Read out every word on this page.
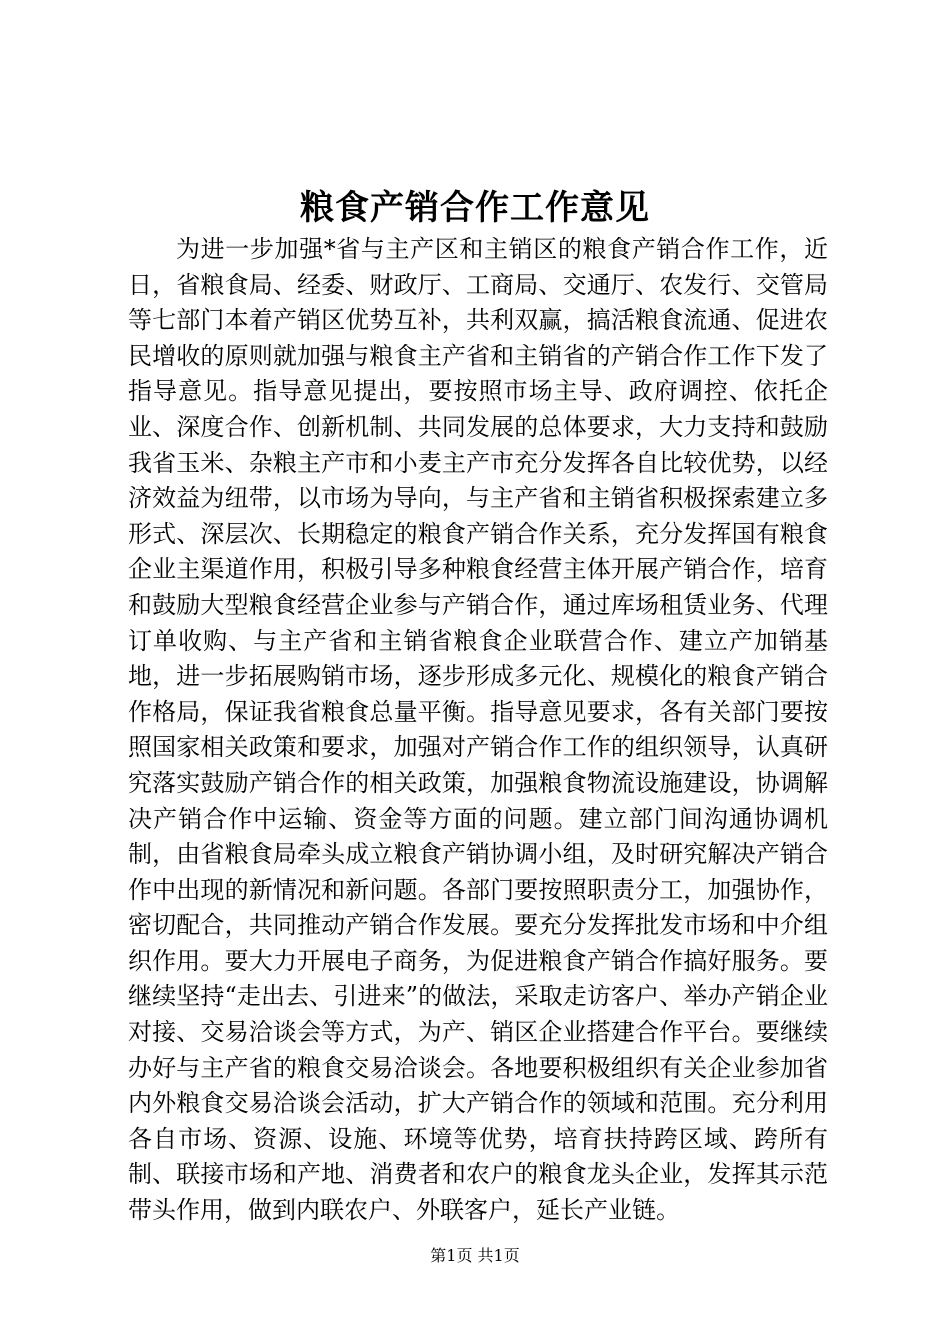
粮食产销合作工作意见

为进一步加强*省与主产区和主销区的粮食产销合作工作，近日，省粮食局、经委、财政厅、工商局、交通厅、农发行、交管局等七部门本着产销区优势互补，共利双赢，搞活粮食流通、促进农民增收的原则就加强与粮食主产省和主销省的产销合作工作下发了指导意见。指导意见提出，要按照市场主导、政府调控、依托企业、深度合作、创新机制、共同发展的总体要求，大力支持和鼓励我省玉米、杂粮主产市和小麦主产市充分发挥各自比较优势，以经济效益为纽带，以市场为导向，与主产省和主销省积极探索建立多形式、深层次、长期稳定的粮食产销合作关系，充分发挥国有粮食企业主渠道作用，积极引导多种粮食经营主体开展产销合作，培育和鼓励大型粮食经营企业参与产销合作，通过库场租赁业务、代理订单收购、与主产省和主销省粮食企业联营合作、建立产加销基地，进一步拓展购销市场，逐步形成多元化、规模化的粮食产销合作格局，保证我省粮食总量平衡。指导意见要求，各有关部门要按照国家相关政策和要求，加强对产销合作工作的组织领导，认真研究落实鼓励产销合作的相关政策，加强粮食物流设施建设，协调解决产销合作中运输、资金等方面的问题。建立部门间沟通协调机制，由省粮食局牵头成立粮食产销协调小组，及时研究解决产销合作中出现的新情况和新问题。各部门要按照职责分工，加强协作，密切配合，共同推动产销合作发展。要充分发挥批发市场和中介组织作用。要大力开展电子商务，为促进粮食产销合作搞好服务。要继续坚持“走出去、引进来”的做法，采取走访客户、举办产销企业对接、交易洽谈会等方式，为产、销区企业搭建合作平台。要继续办好与主产省的粮食交易洽谈会。各地要积极组织有关企业参加省内外粮食交易洽谈会活动，扩大产销合作的领域和范围。充分利用各自市场、资源、设施、环境等优势，培育扶持跨区域、跨所有制、联接市场和产地、消费者和农户的粮食龙头企业，发挥其示范带头作用，做到内联农户、外联客户，延长产业链。

第1页 共1页
